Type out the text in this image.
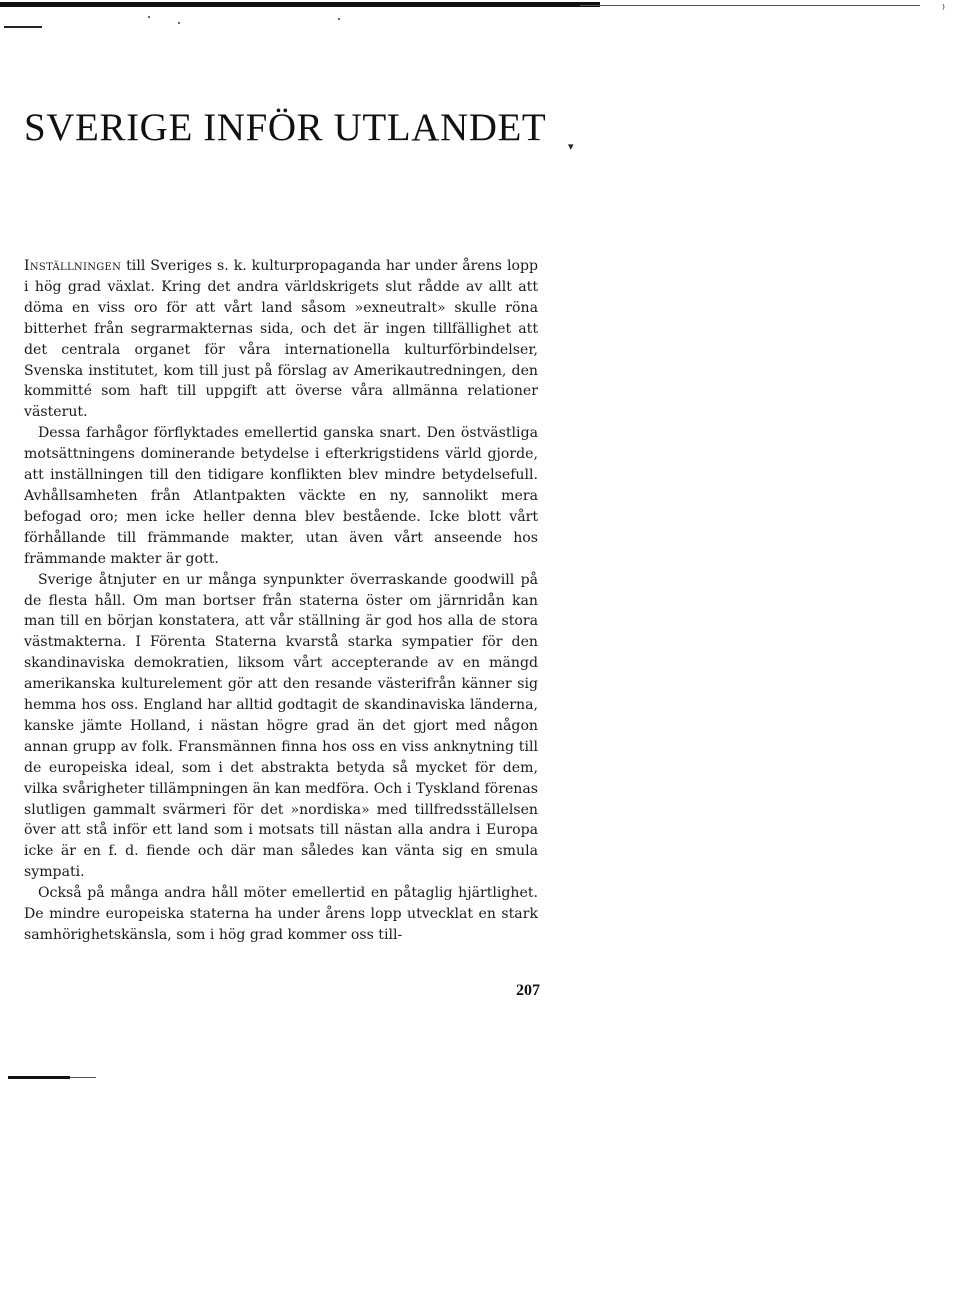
⁾
SVERIGE INFÖR UTLANDET ▾

Inställningen till Sveriges s. k. kulturpropaganda har under årens lopp i hög grad växlat. Kring det andra världskrigets slut rådde av allt att döma en viss oro för att vårt land såsom »exneutralt» skulle röna bitterhet från segrarmakternas sida, och det är ingen tillfällighet att det centrala organet för våra internationella kulturförbindelser, Svenska institutet, kom till just på förslag av Amerikautredningen, den kommitté som haft till uppgift att överse våra allmänna relationer västerut.

Dessa farhågor förflyktades emellertid ganska snart. Den östvästliga motsättningens dominerande betydelse i efterkrigstidens värld gjorde, att inställningen till den tidigare konflikten blev mindre betydelsefull. Avhållsamheten från Atlantpakten väckte en ny, sannolikt mera befogad oro; men icke heller denna blev bestående. Icke blott vårt förhållande till främmande makter, utan även vårt anseende hos främmande makter är gott.

Sverige åtnjuter en ur många synpunkter överraskande goodwill på de flesta håll. Om man bortser från staterna öster om järnridån kan man till en början konstatera, att vår ställning är god hos alla de stora västmakterna. I Förenta Staterna kvarstå starka sympatier för den skandinaviska demokratien, liksom vårt accepterande av en mängd amerikanska kulturelement gör att den resande västerifrån känner sig hemma hos oss. England har alltid godtagit de skandinaviska länderna, kanske jämte Holland, i nästan högre grad än det gjort med någon annan grupp av folk. Fransmännen finna hos oss en viss anknytning till de europeiska ideal, som i det abstrakta betyda så mycket för dem, vilka svårigheter tillämpningen än kan medföra. Och i Tyskland förenas slutligen gammalt svärmeri för det »nordiska» med tillfredsställelsen över att stå inför ett land som i motsats till nästan alla andra i Europa icke är en f. d. fiende och där man således kan vänta sig en smula sympati.

Också på många andra håll möter emellertid en påtaglig hjärtlighet. De mindre europeiska staterna ha under årens lopp utvecklat en stark samhörighetskänsla, som i hög grad kommer oss till-

207
